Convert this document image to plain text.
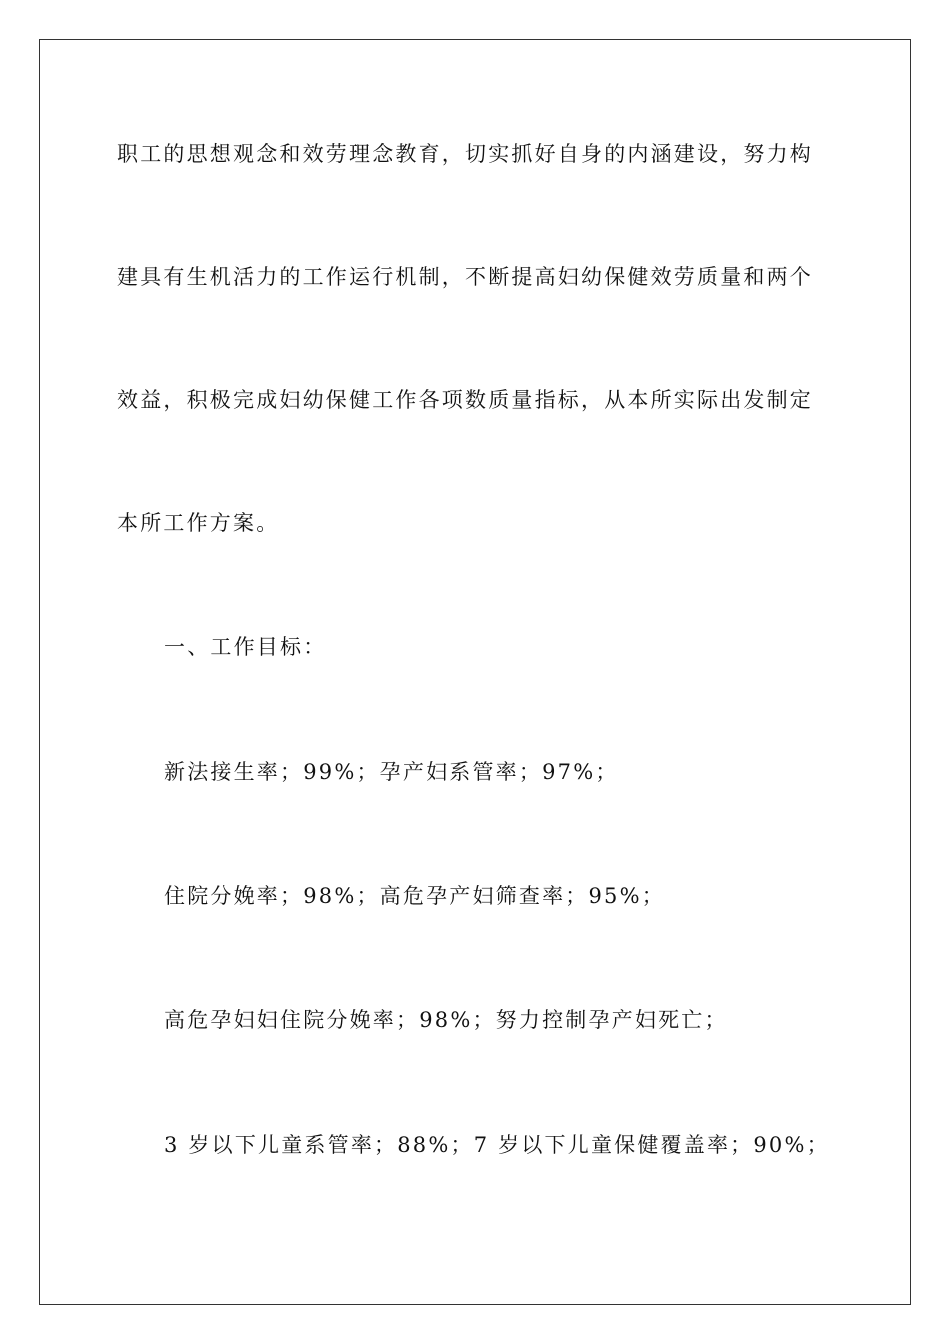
职工的思想观念和效劳理念教育，切实抓好自身的内涵建设，努力构
建具有生机活力的工作运行机制，不断提高妇幼保健效劳质量和两个
效益，积极完成妇幼保健工作各项数质量指标，从本所实际出发制定
本所工作方案。
一、工作目标：
新法接生率；99%；孕产妇系管率；97%；
住院分娩率；98%；高危孕产妇筛查率；95%；
高危孕妇妇住院分娩率；98%；努力控制孕产妇死亡；
3 岁以下儿童系管率；88%；7 岁以下儿童保健覆盖率；90%；
